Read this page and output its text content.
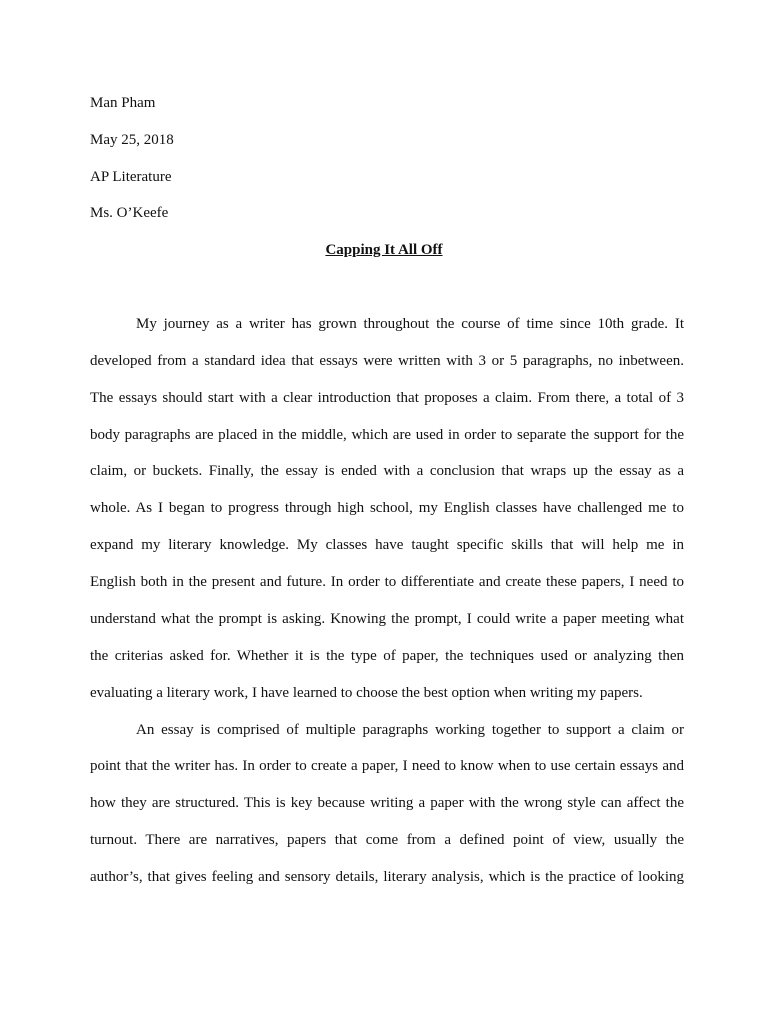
Man Pham
May 25, 2018
AP Literature
Ms. O’Keefe
Capping It All Off
My journey as a writer has grown throughout the course of time since 10th grade. It
developed from a standard idea that essays were written with 3 or 5 paragraphs, no inbetween.
The essays should start with a clear introduction that proposes a claim. From there, a total of 3
body paragraphs are placed in the middle, which are used in order to separate the support for the
claim, or buckets. Finally, the essay is ended with a conclusion that wraps up the essay as a
whole. As I began to progress through high school, my English classes have challenged me to
expand my literary knowledge. My classes have taught specific skills that will help me in
English both in the present and future. In order to differentiate and create these papers, I need to
understand what the prompt is asking. Knowing the prompt, I could write a paper meeting what
the criterias asked for. Whether it is the type of paper, the techniques used or analyzing then
evaluating a literary work, I have learned to choose the best option when writing my papers.
An essay is comprised of multiple paragraphs working together to support a claim or
point that the writer has. In order to create a paper, I need to know when to use certain essays and
how they are structured. This is key because writing a paper with the wrong style can affect the
turnout. There are narratives, papers that come from a defined point of view, usually the
author’s, that gives feeling and sensory details, literary analysis, which is the practice of looking
